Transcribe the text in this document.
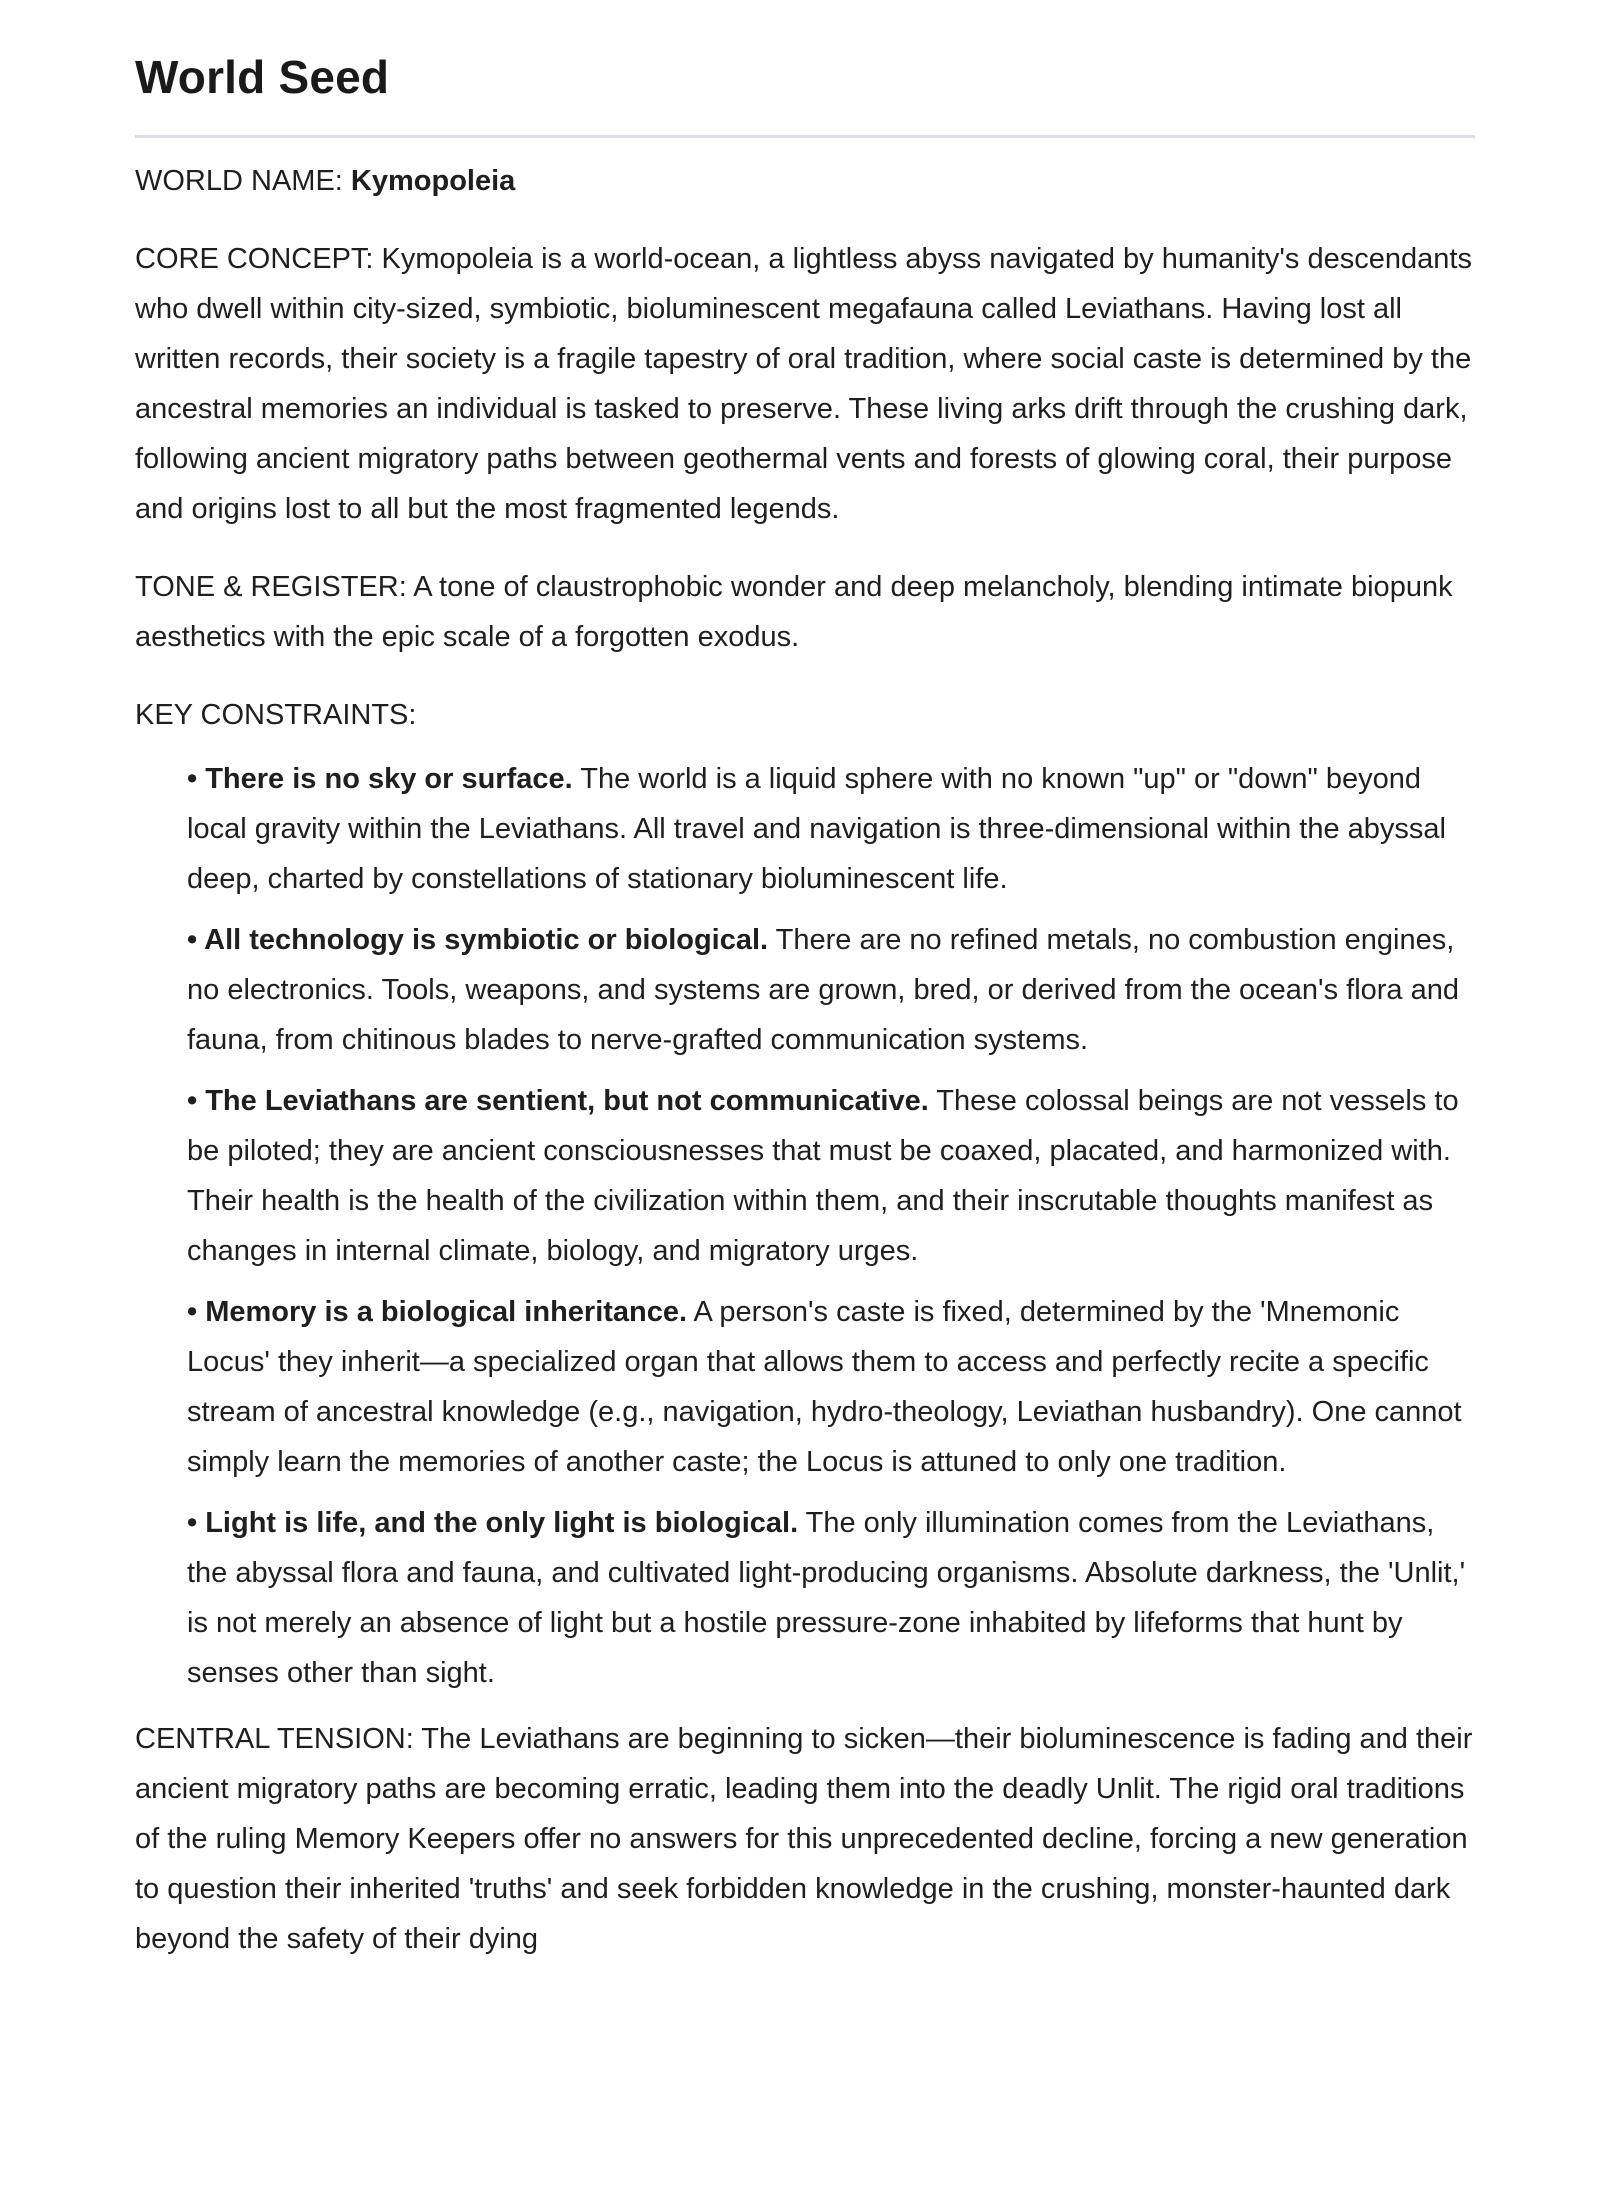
World Seed

WORLD NAME: Kymopoleia

CORE CONCEPT: Kymopoleia is a world-ocean, a lightless abyss navigated by humanity's descendants who dwell within city-sized, symbiotic, bioluminescent megafauna called Leviathans. Having lost all written records, their society is a fragile tapestry of oral tradition, where social caste is determined by the ancestral memories an individual is tasked to preserve. These living arks drift through the crushing dark, following ancient migratory paths between geothermal vents and forests of glowing coral, their purpose and origins lost to all but the most fragmented legends.

TONE & REGISTER: A tone of claustrophobic wonder and deep melancholy, blending intimate biopunk aesthetics with the epic scale of a forgotten exodus.

KEY CONSTRAINTS:

• There is no sky or surface. The world is a liquid sphere with no known "up" or "down" beyond local gravity within the Leviathans. All travel and navigation is three-dimensional within the abyssal deep, charted by constellations of stationary bioluminescent life.
• All technology is symbiotic or biological. There are no refined metals, no combustion engines, no electronics. Tools, weapons, and systems are grown, bred, or derived from the ocean's flora and fauna, from chitinous blades to nerve-grafted communication systems.
• The Leviathans are sentient, but not communicative. These colossal beings are not vessels to be piloted; they are ancient consciousnesses that must be coaxed, placated, and harmonized with. Their health is the health of the civilization within them, and their inscrutable thoughts manifest as changes in internal climate, biology, and migratory urges.
• Memory is a biological inheritance. A person's caste is fixed, determined by the 'Mnemonic Locus' they inherit—a specialized organ that allows them to access and perfectly recite a specific stream of ancestral knowledge (e.g., navigation, hydro-theology, Leviathan husbandry). One cannot simply learn the memories of another caste; the Locus is attuned to only one tradition.
• Light is life, and the only light is biological. The only illumination comes from the Leviathans, the abyssal flora and fauna, and cultivated light-producing organisms. Absolute darkness, the 'Unlit,' is not merely an absence of light but a hostile pressure-zone inhabited by lifeforms that hunt by senses other than sight.

CENTRAL TENSION: The Leviathans are beginning to sicken—their bioluminescence is fading and their ancient migratory paths are becoming erratic, leading them into the deadly Unlit. The rigid oral traditions of the ruling Memory Keepers offer no answers for this unprecedented decline, forcing a new generation to question their inherited 'truths' and seek forbidden knowledge in the crushing, monster-haunted dark beyond the safety of their dying
